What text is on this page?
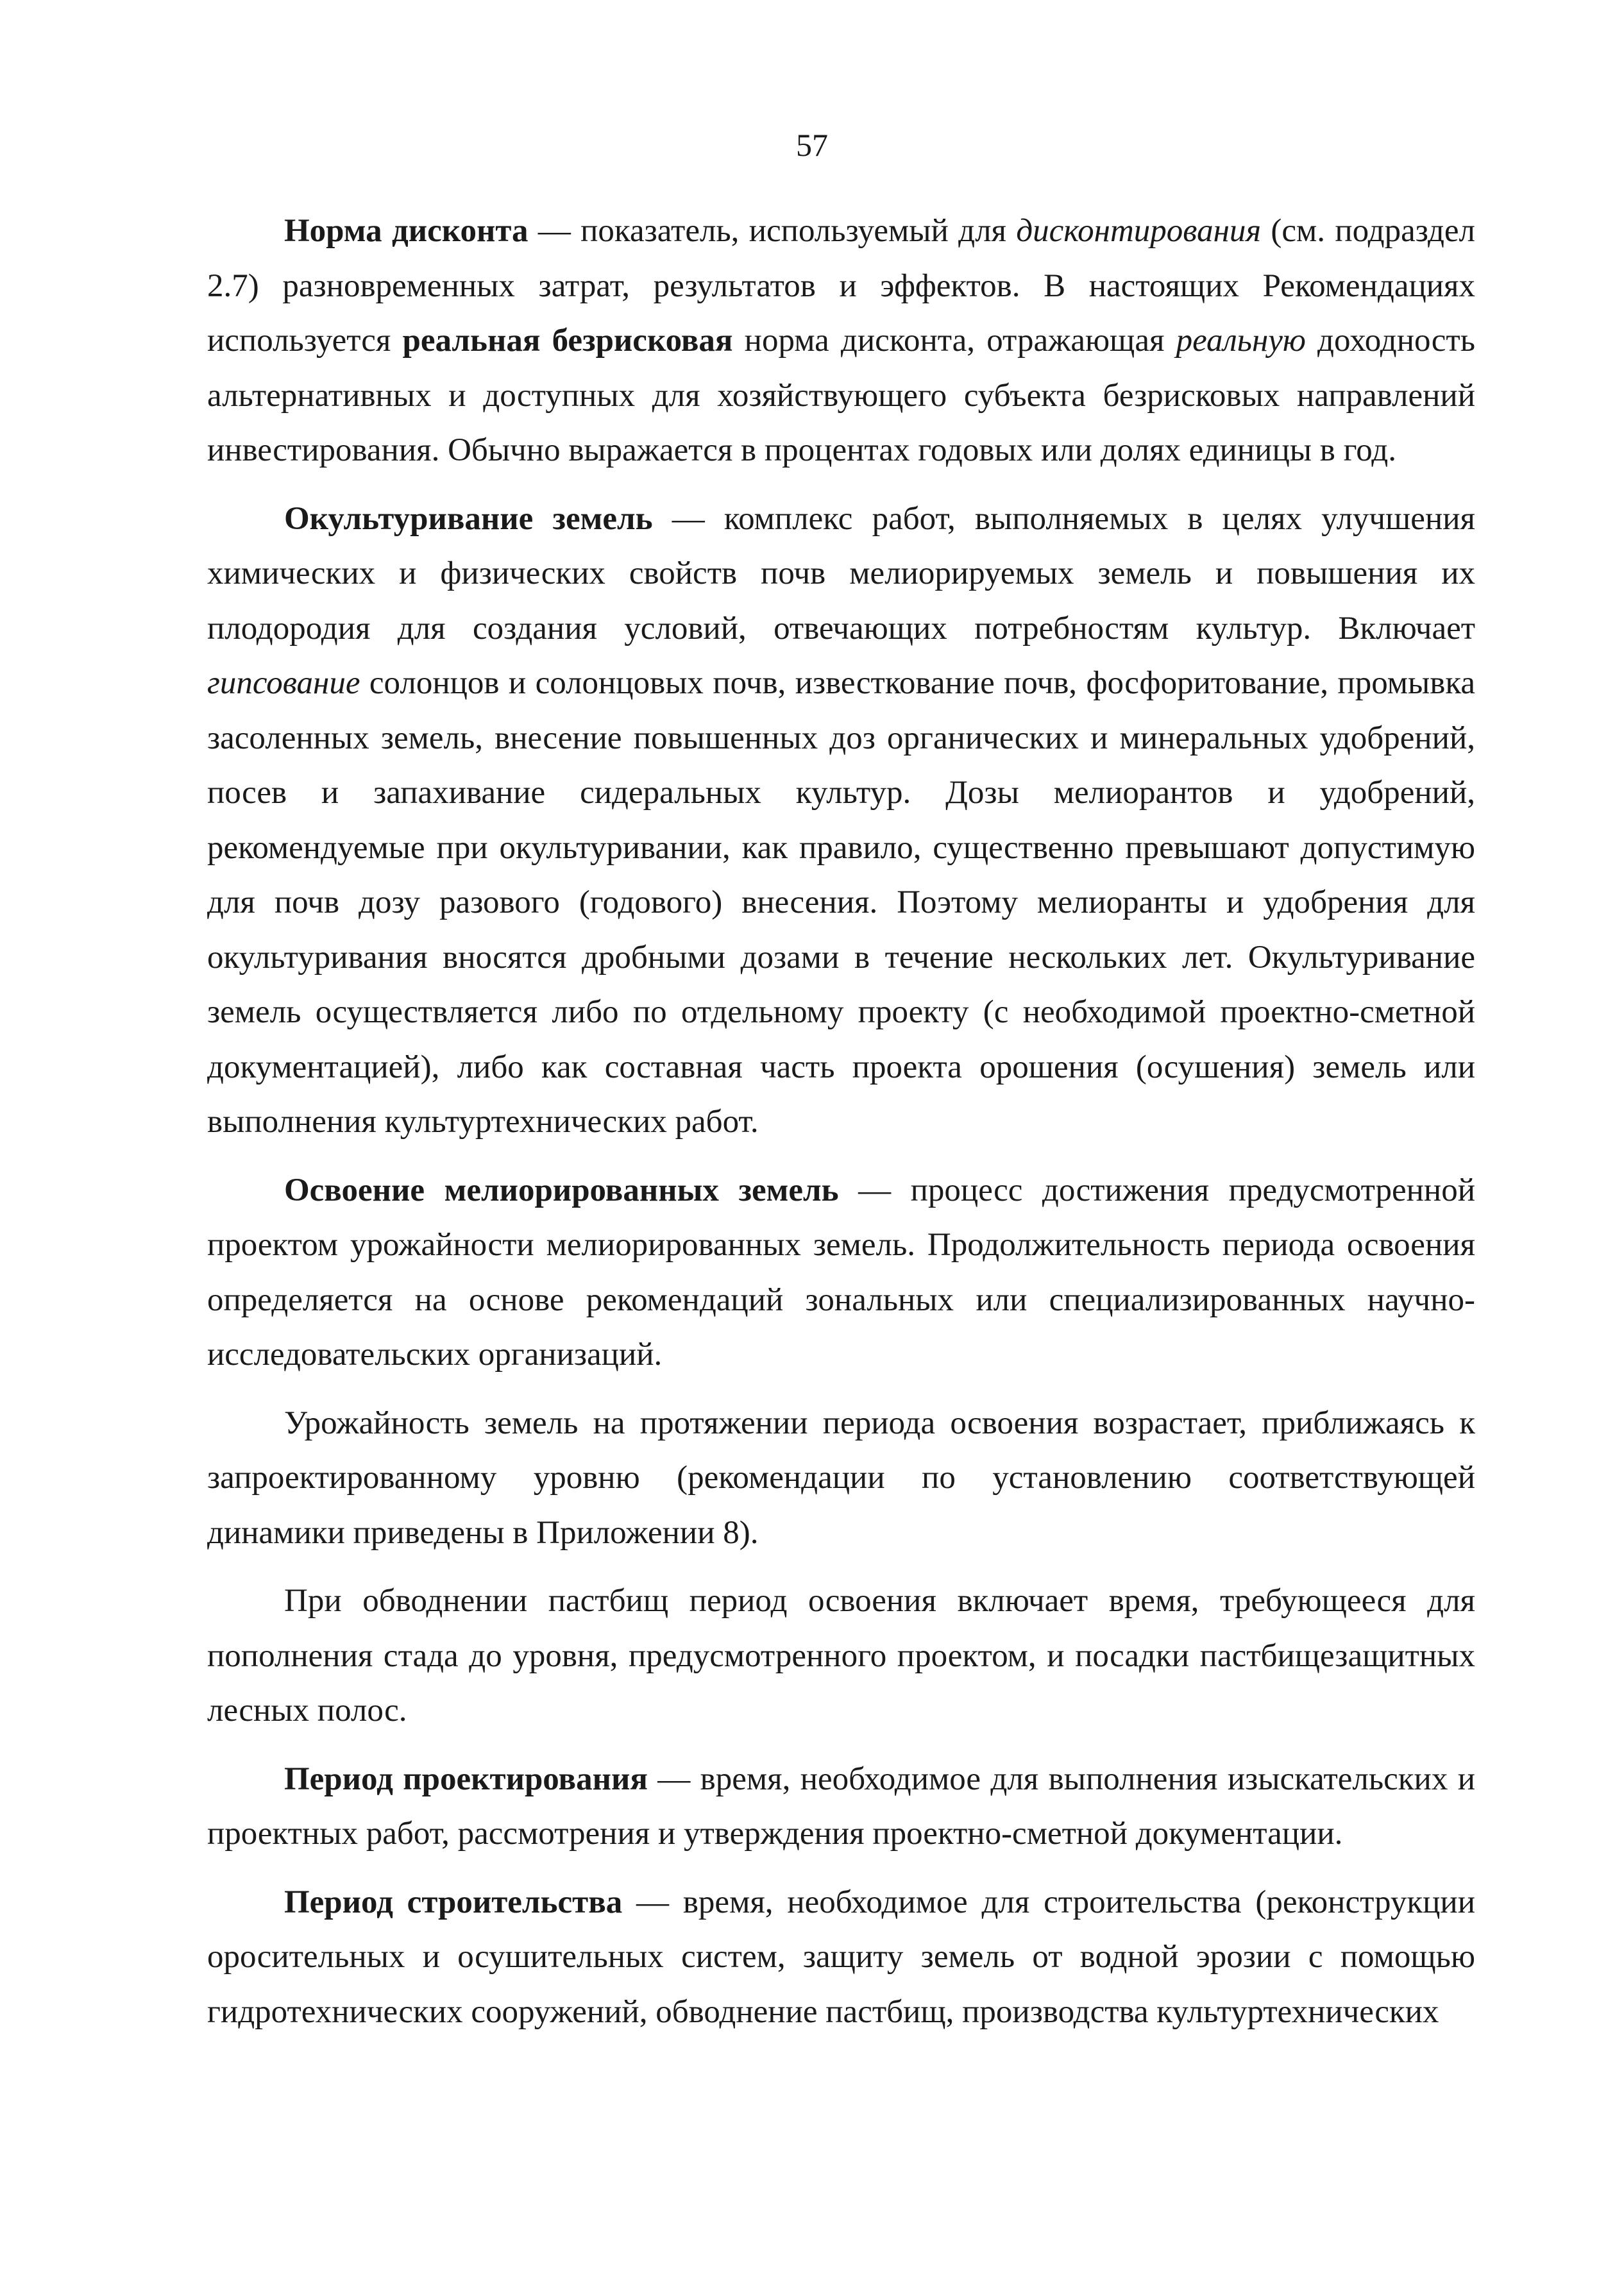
57

Норма дисконта — показатель, используемый для дисконтирования (см. подраздел 2.7) разновременных затрат, результатов и эффектов. В настоящих Рекомендациях используется реальная безрисковая норма дисконта, отражающая реальную доходность альтернативных и доступных для хозяйствующего субъекта безрисковых направлений инвестирования. Обычно выражается в процентах годовых или долях единицы в год.

Окультуривание земель — комплекс работ, выполняемых в целях улучшения химических и физических свойств почв мелиорируемых земель и повышения их плодородия для создания условий, отвечающих потребностям культур. Включает гипсование солонцов и солонцовых почв, известкование почв, фосфоритование, промывка засоленных земель, внесение повышенных доз органических и минеральных удобрений, посев и запахивание сидеральных культур. Дозы мелиорантов и удобрений, рекомендуемые при окультуривании, как правило, существенно превышают допустимую для почв дозу разового (годового) внесения. Поэтому мелиоранты и удобрения для окультуривания вносятся дробными дозами в течение нескольких лет. Окультуривание земель осуществляется либо по отдельному проекту (с необходимой проектно-сметной документацией), либо как составная часть проекта орошения (осушения) земель или выполнения культуртехнических работ.

Освоение мелиорированных земель — процесс достижения предусмотренной проектом урожайности мелиорированных земель. Продолжительность периода освоения определяется на основе рекомендаций зональных или специализированных научно-исследовательских организаций.

Урожайность земель на протяжении периода освоения возрастает, приближаясь к запроектированному уровню (рекомендации по установлению соответствующей динамики приведены в Приложении 8).

При обводнении пастбищ период освоения включает время, требующееся для пополнения стада до уровня, предусмотренного проектом, и посадки пастбищезащитных лесных полос.

Период проектирования — время, необходимое для выполнения изыскательских и проектных работ, рассмотрения и утверждения проектно-сметной документации.

Период строительства — время, необходимое для строительства (реконструкции оросительных и осушительных систем, защиту земель от водной эрозии с помощью гидротехнических сооружений, обводнение пастбищ, производства культуртехнических
